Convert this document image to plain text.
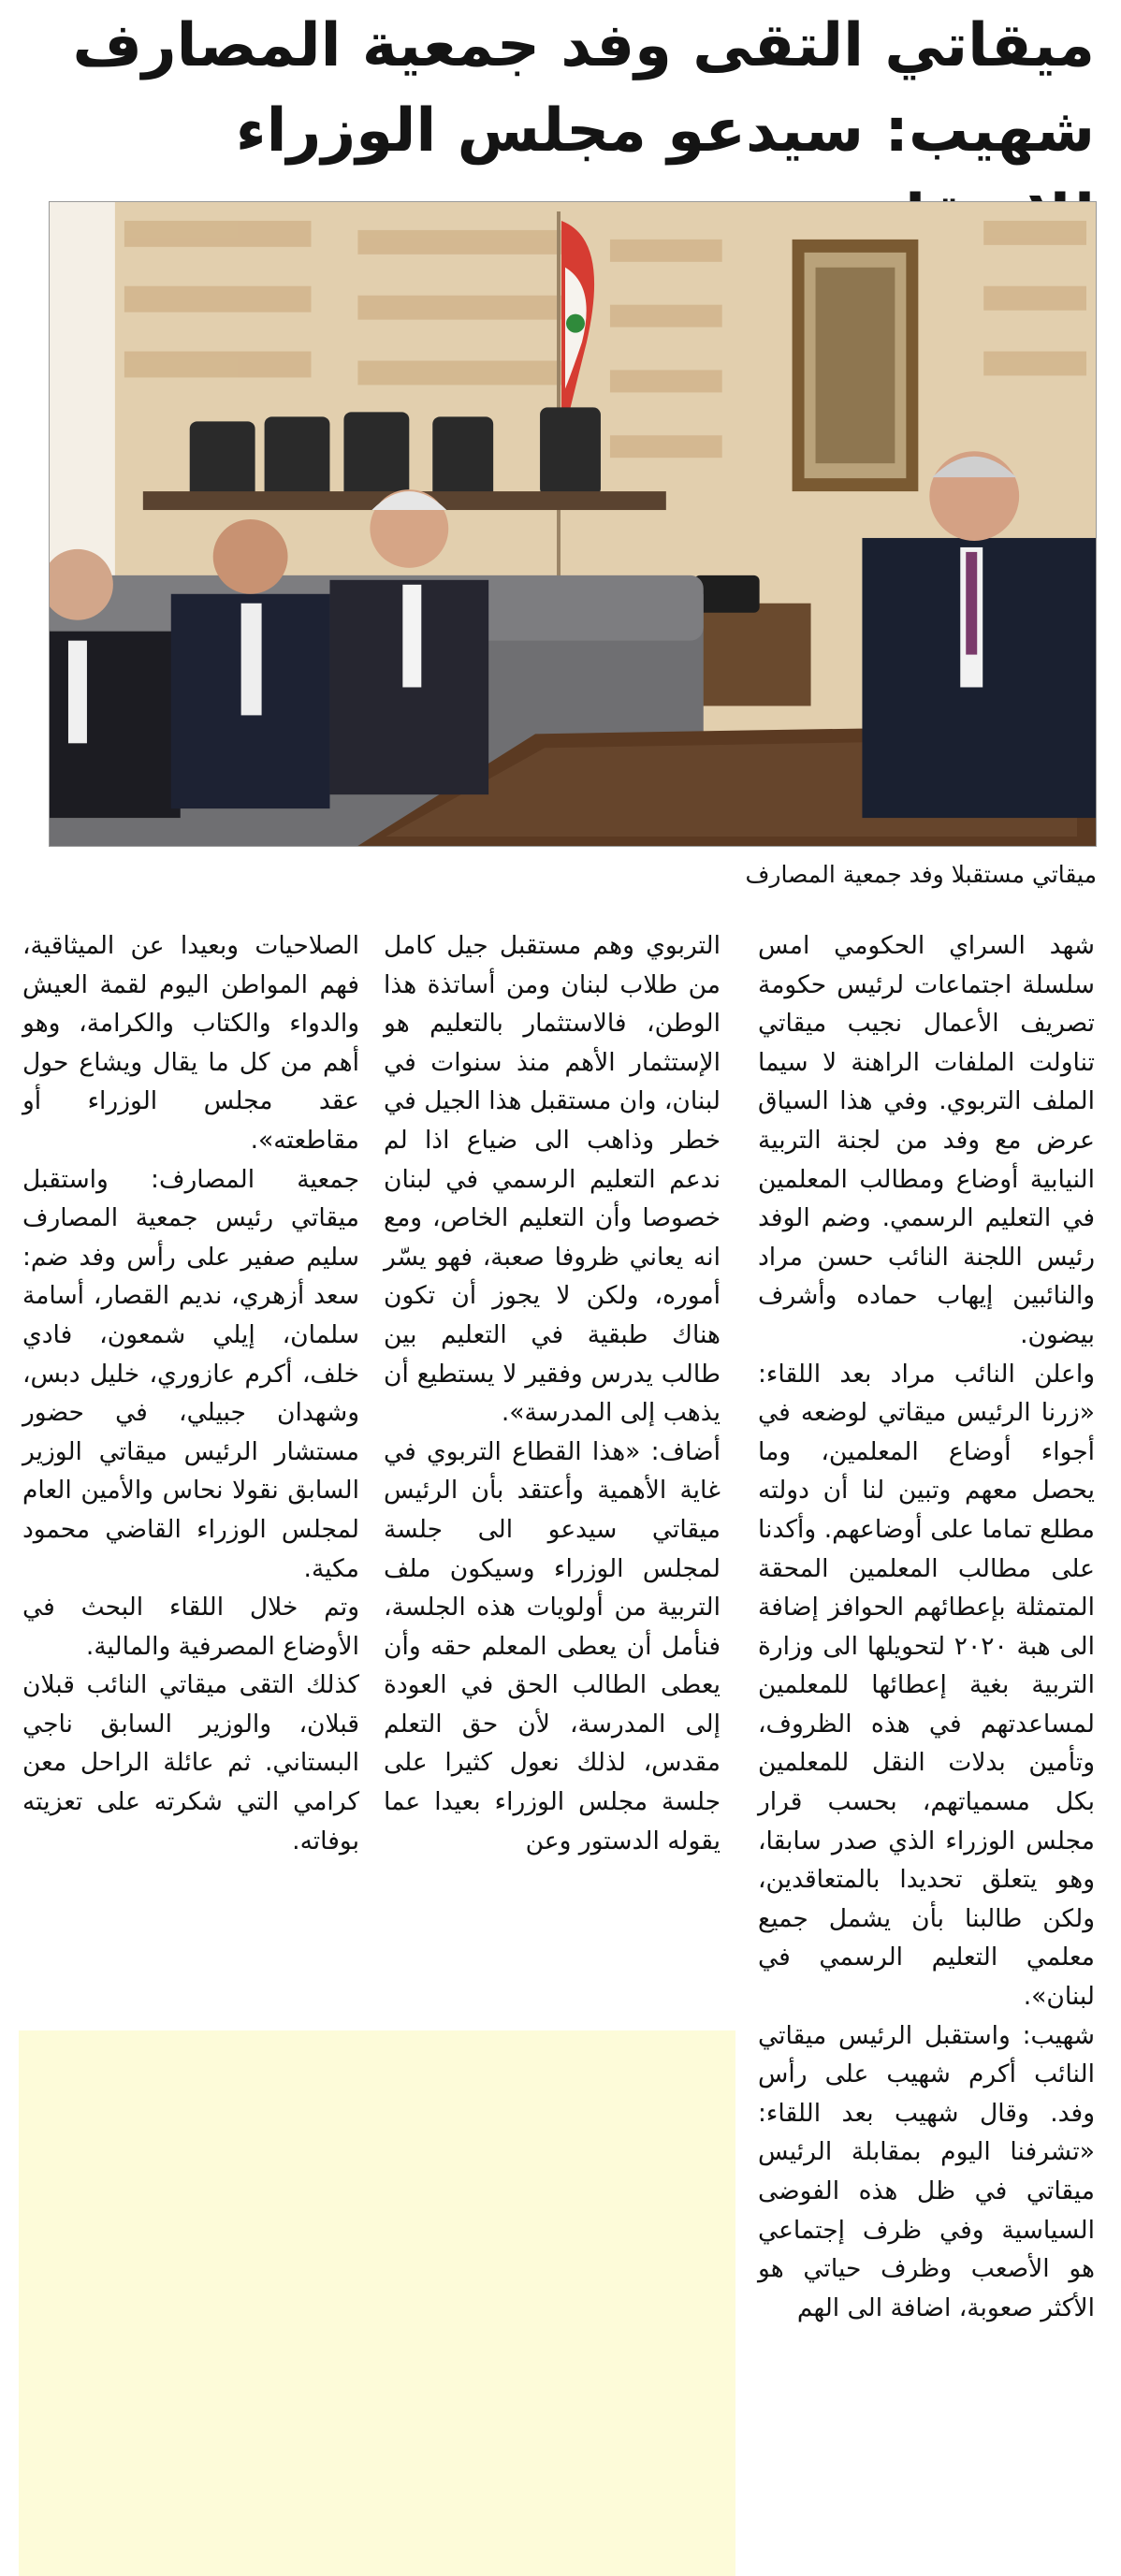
ميقاتي التقى وفد جمعية المصارف
شهيب: سيدعو مجلس الوزراء
ميقاتي مستقبلا وفد جمعية المصارف

شهد السراي الحكومي امس سلسلة اجتماعات لرئيس حكومة تصريف الأعمال نجيب ميقاتي تناولت الملفات الراهنة لا سيما الملف التربوي. وفي هذا السياق عرض مع وفد من لجنة التربية النيابية أوضاع ومطالب المعلمين في التعليم الرسمي. وضم الوفد رئيس اللجنة النائب حسن مراد والنائبين إيهاب حماده وأشرف بيضون.

واعلن النائب مراد بعد اللقاء: «زرنا الرئيس ميقاتي لوضعه في أجواء أوضاع المعلمين، وما يحصل معهم وتبين لنا أن دولته مطلع تماما على أوضاعهم. وأكدنا على مطالب المعلمين المحقة المتمثلة بإعطائهم الحوافز إضافة الى هبة ٢٠٢٠ لتحويلها الى وزارة التربية بغية إعطائها للمعلمين لمساعدتهم في هذه الظروف، وتأمين بدلات النقل للمعلمين بكل مسمياتهم، بحسب قرار مجلس الوزراء الذي صدر سابقا، وهو يتعلق تحديدا بالمتعاقدين، ولكن طالبنا بأن يشمل جميع معلمي التعليم الرسمي في لبنان».

شهيب: واستقبل الرئيس ميقاتي النائب أكرم شهيب على رأس وفد. وقال شهيب بعد اللقاء: «تشرفنا اليوم بمقابلة الرئيس ميقاتي في ظل هذه الفوضى السياسية وفي ظرف إجتماعي هو الأصعب وظرف حياتي هو الأكثر صعوبة، اضافة الى الهم

التربوي وهم مستقبل جيل كامل من طلاب لبنان ومن أساتذة هذا الوطن، فالاستثمار بالتعليم هو الإستثمار الأهم منذ سنوات في لبنان، وان مستقبل هذا الجيل في خطر وذاهب الى ضياع اذا لم ندعم التعليم الرسمي في لبنان خصوصا وأن التعليم الخاص، ومع انه يعاني ظروفا صعبة، فهو يسّر أموره، ولكن لا يجوز أن تكون هناك طبقية في التعليم بين طالب يدرس وفقير لا يستطيع أن يذهب إلى المدرسة».

أضاف: «هذا القطاع التربوي في غاية الأهمية وأعتقد بأن الرئيس ميقاتي سيدعو الى جلسة لمجلس الوزراء وسيكون ملف التربية من أولويات هذه الجلسة، فنأمل أن يعطى المعلم حقه وأن يعطى الطالب الحق في العودة إلى المدرسة، لأن حق التعلم مقدس، لذلك نعول كثيرا على جلسة مجلس الوزراء بعيدا عما يقوله الدستور وعن

الصلاحيات وبعيدا عن الميثاقية، فهم المواطن اليوم لقمة العيش والدواء والكتاب والكرامة، وهو أهم من كل ما يقال ويشاع حول عقد مجلس الوزراء أو مقاطعته».

جمعية المصارف: واستقبل ميقاتي رئيس جمعية المصارف سليم صفير على رأس وفد ضم: سعد أزهري، نديم القصار، أسامة سلمان، إيلي شمعون، فادي خلف، أكرم عازوري، خليل دبس، وشهدان جبيلي، في حضور مستشار الرئيس ميقاتي الوزير السابق نقولا نحاس والأمين العام لمجلس الوزراء القاضي محمود مكية.

وتم خلال اللقاء البحث في الأوضاع المصرفية والمالية.

كذلك التقى ميقاتي النائب قبلان قبلان، والوزير السابق ناجي البستاني. ثم عائلة الراحل معن كرامي التي شكرته على تعزيته بوفاته.
